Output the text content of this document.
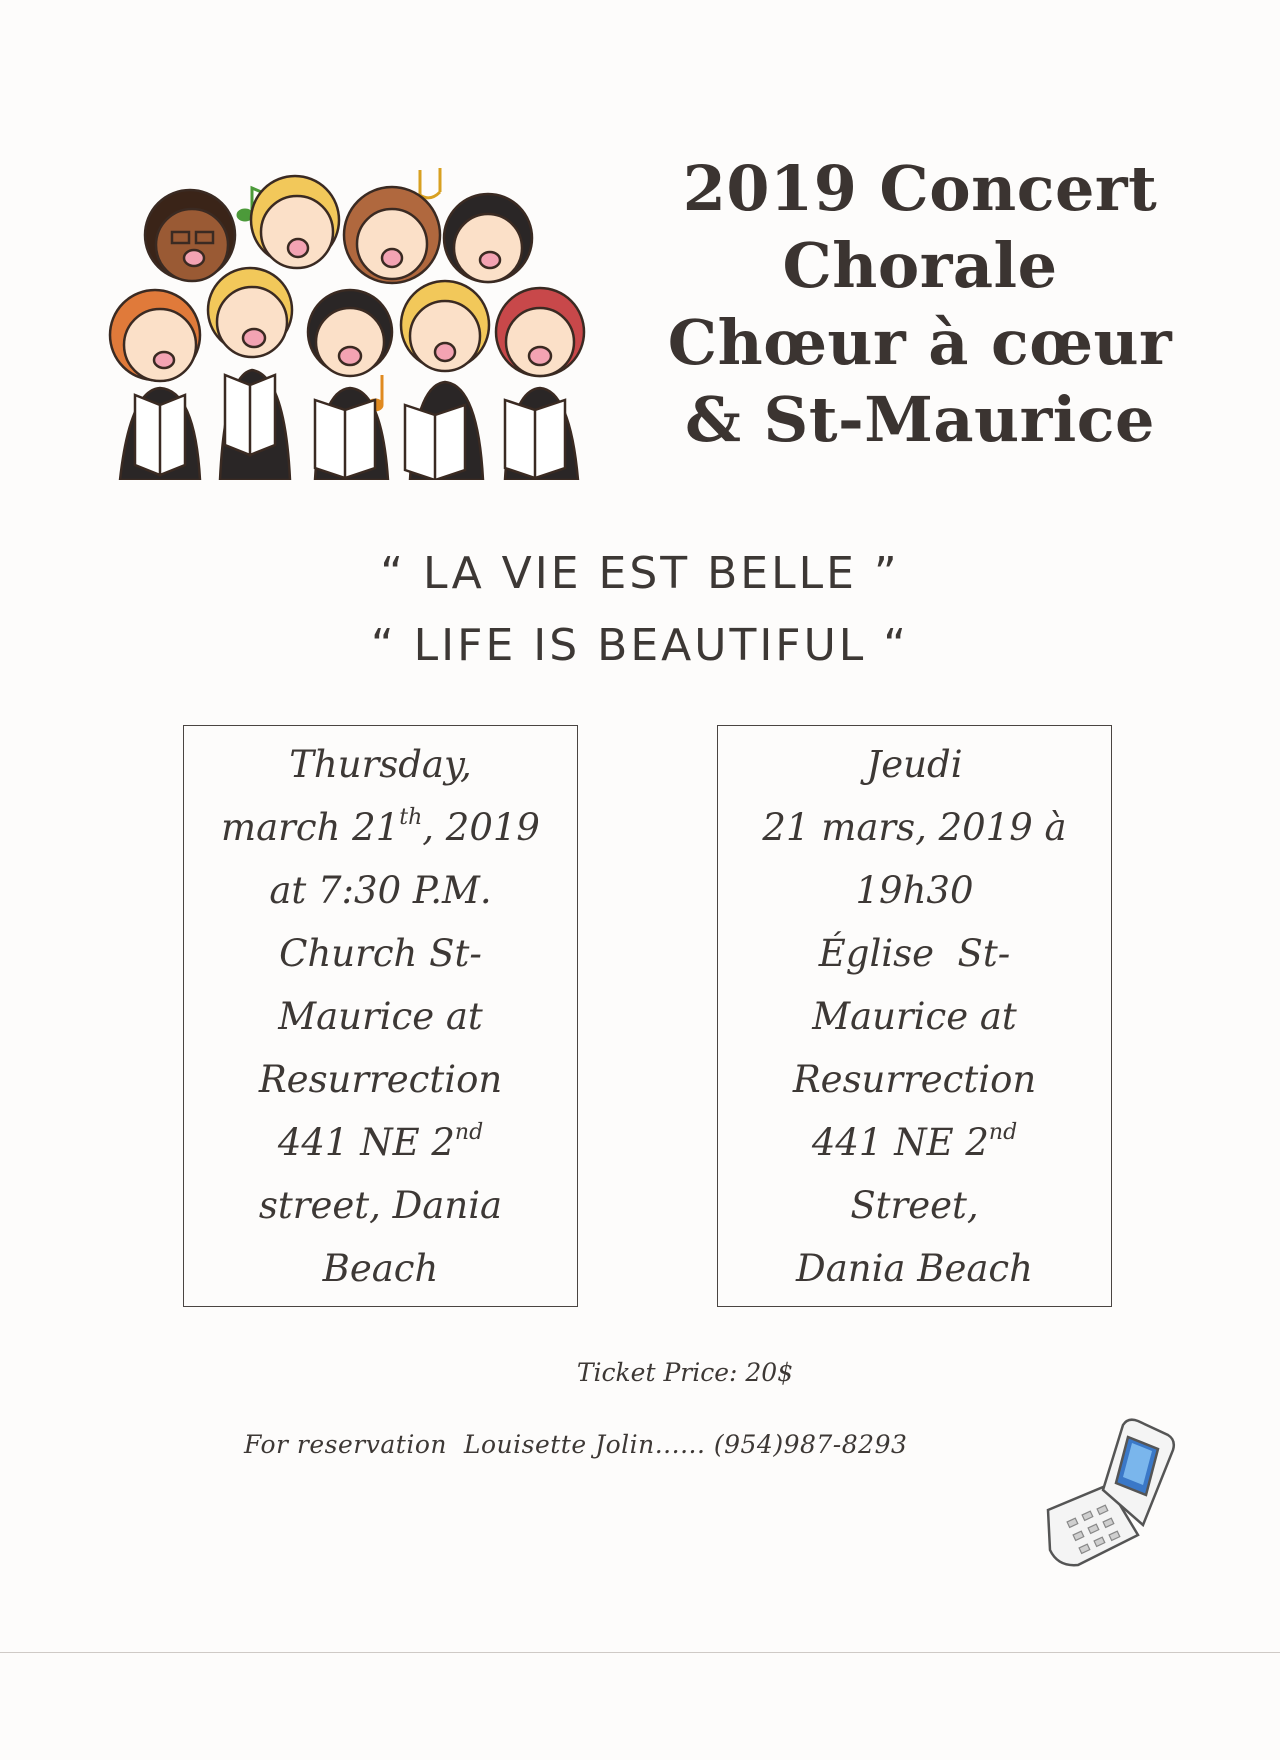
2019 Concert
Chorale
Chœur à cœur
& St-Maurice
“ LA VIE EST BELLE ”
“ LIFE IS BEAUTIFUL “
Thursday,
march 21th, 2019
at 7:30 P.M.
Church St-
Maurice at
Resurrection
441 NE 2nd
street, Dania
Beach
Jeudi
21 mars, 2019 à
19h30
Église  St-
Maurice at
Resurrection
441 NE 2nd
Street,
Dania Beach
Ticket Price: 20$
For reservation  Louisette Jolin...... (954)987-8293
